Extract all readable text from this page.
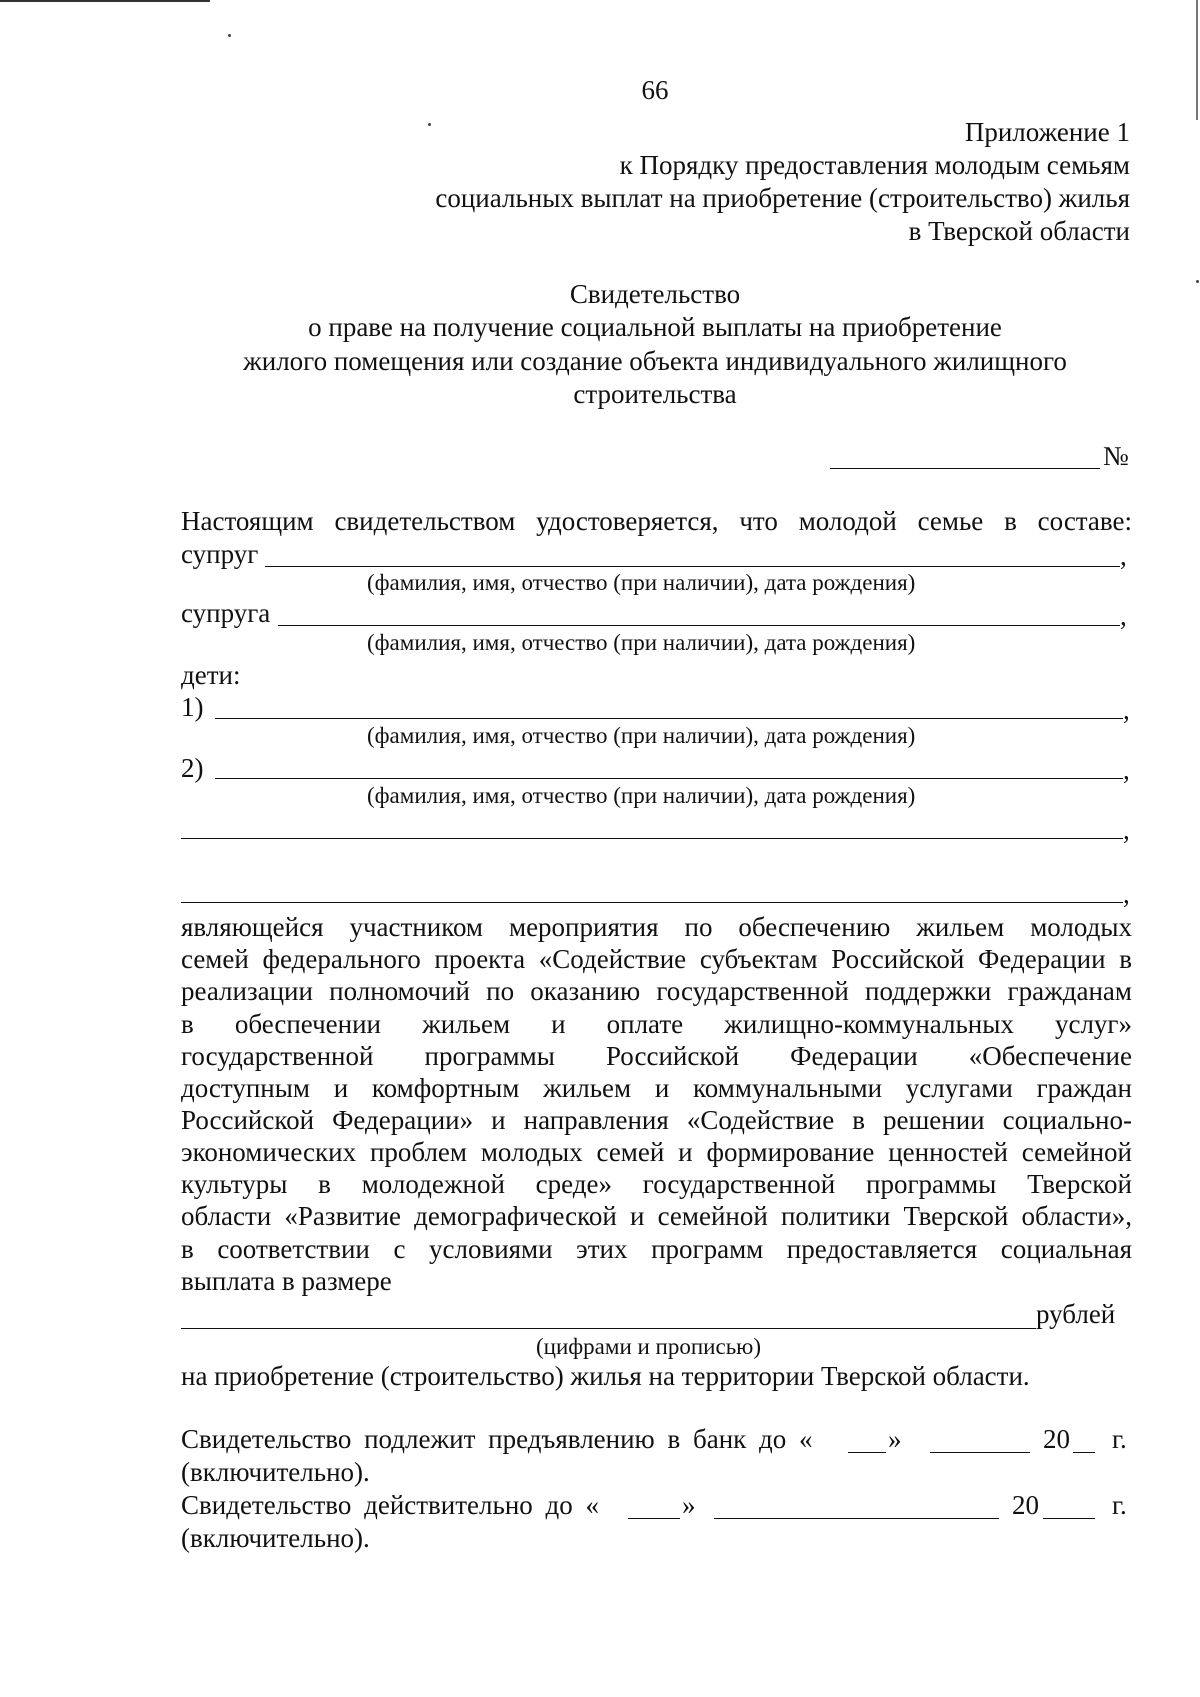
66
Приложение 1
к Порядку предоставления молодым семьям
социальных выплат на приобретение (строительство) жилья
в Тверской области
Свидетельство
о праве на получение социальной выплаты на приобретение
жилого помещения или создание объекта индивидуального жилищного
строительства
№
Настоящим свидетельством удостоверяется, что молодой семье в составе:
супруг	,
(фамилия, имя, отчество (при наличии), дата рождения)
супруга	,
(фамилия, имя, отчество (при наличии), дата рождения)
дети:
1)	,
(фамилия, имя, отчество (при наличии), дата рождения)
2)	,
(фамилия, имя, отчество (при наличии), дата рождения)
,
,
являющейся участником мероприятия по обеспечению жильем молодых
семей федерального проекта «Содействие субъектам Российской Федерации в
реализации полномочий по оказанию государственной поддержки гражданам
в обеспечении жильем и оплате жилищно-коммунальных услуг»
государственной программы Российской Федерации «Обеспечение
доступным и комфортным жильем и коммунальными услугами граждан
Российской Федерации» и направления «Содействие в решении социально-
экономических проблем молодых семей и формирование ценностей семейной
культуры в молодежной среде» государственной программы Тверской
области «Развитие демографической и семейной политики Тверской области»,
в соответствии с условиями этих программ предоставляется социальная
выплата в размере
рублей
(цифрами и прописью)
на приобретение (строительство) жилья на территории Тверской области.
Свидетельство подлежит предъявлению в банк до «	»	20 г.
(включительно).
Свидетельство действительно до «	»	20	г.
(включительно).
